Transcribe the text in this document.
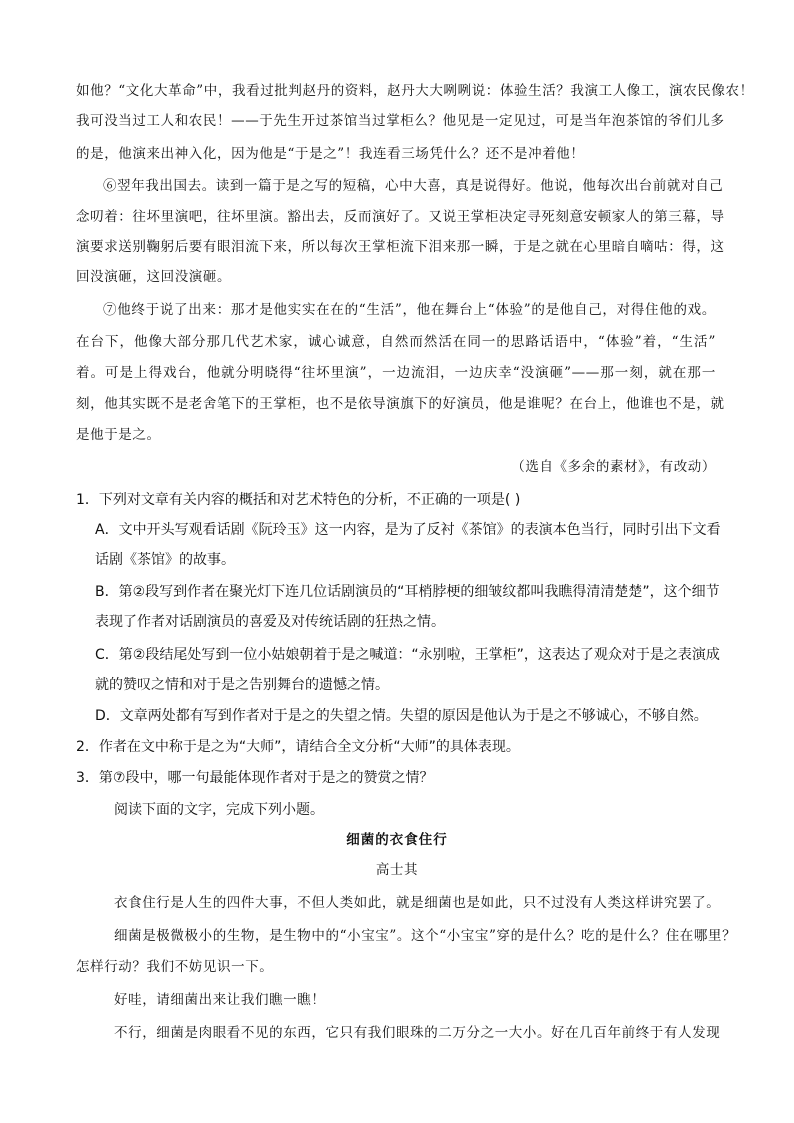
如他？“文化大革命”中，我看过批判赵丹的资料，赵丹大大咧咧说：体验生活？我演工人像工，演农民像农！
我可没当过工人和农民！——于先生开过茶馆当过掌柜么？他见是一定见过，可是当年泡茶馆的爷们儿多
的是，他演来出神入化，因为他是“于是之”！我连看三场凭什么？还不是冲着他！
⑥翌年我出国去。读到一篇于是之写的短稿，心中大喜，真是说得好。他说，他每次出台前就对自己
念叨着：往坏里演吧，往坏里演。豁出去，反而演好了。又说王掌柜决定寻死刻意安顿家人的第三幕，导
演要求送别鞠躬后要有眼泪流下来，所以每次王掌柜流下泪来那一瞬，于是之就在心里暗自嘀咕：得，这
回没演砸，这回没演砸。
⑦他终于说了出来：那才是他实实在在的“生活”，他在舞台上“体验”的是他自己，对得住他的戏。
在台下，他像大部分那几代艺术家，诚心诚意，自然而然活在同一的思路话语中，“体验”着，“生活”
着。可是上得戏台，他就分明晓得“往坏里演”，一边流泪，一边庆幸“没演砸”——那一刻，就在那一
刻，他其实既不是老舍笔下的王掌柜，也不是依导演旗下的好演员，他是谁呢？在台上，他谁也不是，就
是他于是之。
（选自《多余的素材》，有改动）
1．下列对文章有关内容的概括和对艺术特色的分析，不正确的一项是( )
A．文中开头写观看话剧《阮玲玉》这一内容，是为了反衬《茶馆》的表演本色当行，同时引出下文看
话剧《茶馆》的故事。
B．第②段写到作者在聚光灯下连几位话剧演员的“耳梢脖梗的细皱纹都叫我瞧得清清楚楚”，这个细节
表现了作者对话剧演员的喜爱及对传统话剧的狂热之情。
C．第②段结尾处写到一位小姑娘朝着于是之喊道：“永别啦，王掌柜”，这表达了观众对于是之表演成
就的赞叹之情和对于是之告别舞台的遗憾之情。
D．文章两处都有写到作者对于是之的失望之情。失望的原因是他认为于是之不够诚心，不够自然。
2．作者在文中称于是之为“大师”，请结合全文分析“大师”的具体表现。
3．第⑦段中，哪一句最能体现作者对于是之的赞赏之情？
阅读下面的文字，完成下列小题。
细菌的衣食住行
高士其
衣食住行是人生的四件大事，不但人类如此，就是细菌也是如此，只不过没有人类这样讲究罢了。
细菌是极微极小的生物，是生物中的“小宝宝”。这个“小宝宝”穿的是什么？吃的是什么？住在哪里？
怎样行动？我们不妨见识一下。
好哇，请细菌出来让我们瞧一瞧！
不行，细菌是肉眼看不见的东西，它只有我们眼珠的二万分之一大小。好在几百年前终于有人发现
